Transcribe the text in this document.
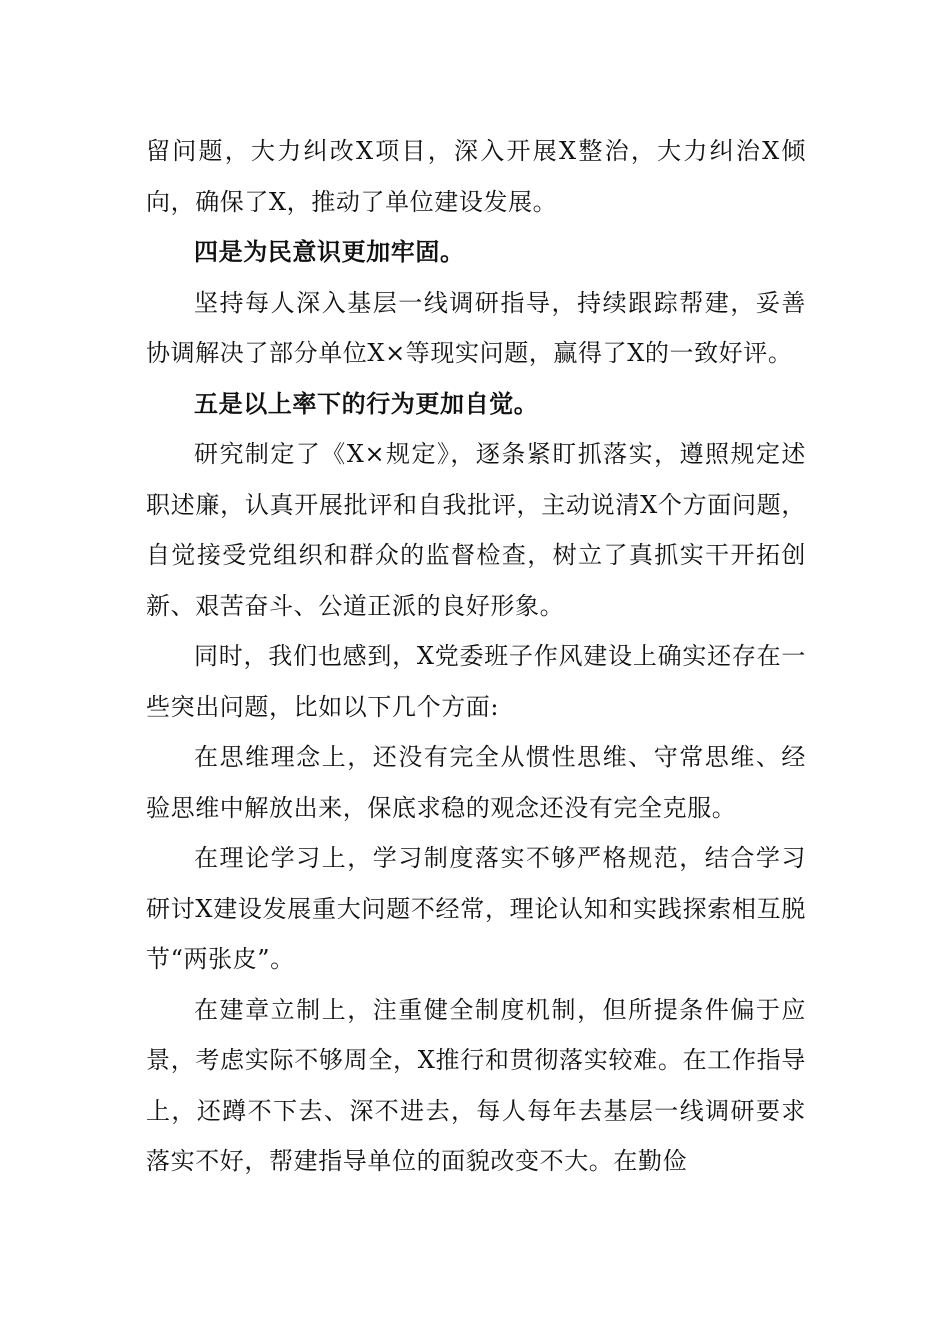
留问题，大力纠改X项目，深入开展X整治，大力纠治X倾向，确保了X，推动了单位建设发展。

四是为民意识更加牢固。

坚持每人深入基层一线调研指导，持续跟踪帮建，妥善协调解决了部分单位X×等现实问题，赢得了X的一致好评。

五是以上率下的行为更加自觉。

研究制定了《X×规定》，逐条紧盯抓落实，遵照规定述职述廉，认真开展批评和自我批评，主动说清X个方面问题，自觉接受党组织和群众的监督检查，树立了真抓实干开拓创新、艰苦奋斗、公道正派的良好形象。

同时，我们也感到，X党委班子作风建设上确实还存在一些突出问题，比如以下几个方面:

在思维理念上，还没有完全从惯性思维、守常思维、经验思维中解放出来，保底求稳的观念还没有完全克服。

在理论学习上，学习制度落实不够严格规范，结合学习研讨X建设发展重大问题不经常，理论认知和实践探索相互脱节“两张皮”。

在建章立制上，注重健全制度机制，但所提条件偏于应景，考虑实际不够周全，X推行和贯彻落实较难。在工作指导上，还蹲不下去、深不进去，每人每年去基层一线调研要求落实不好，帮建指导单位的面貌改变不大。在勤俭
